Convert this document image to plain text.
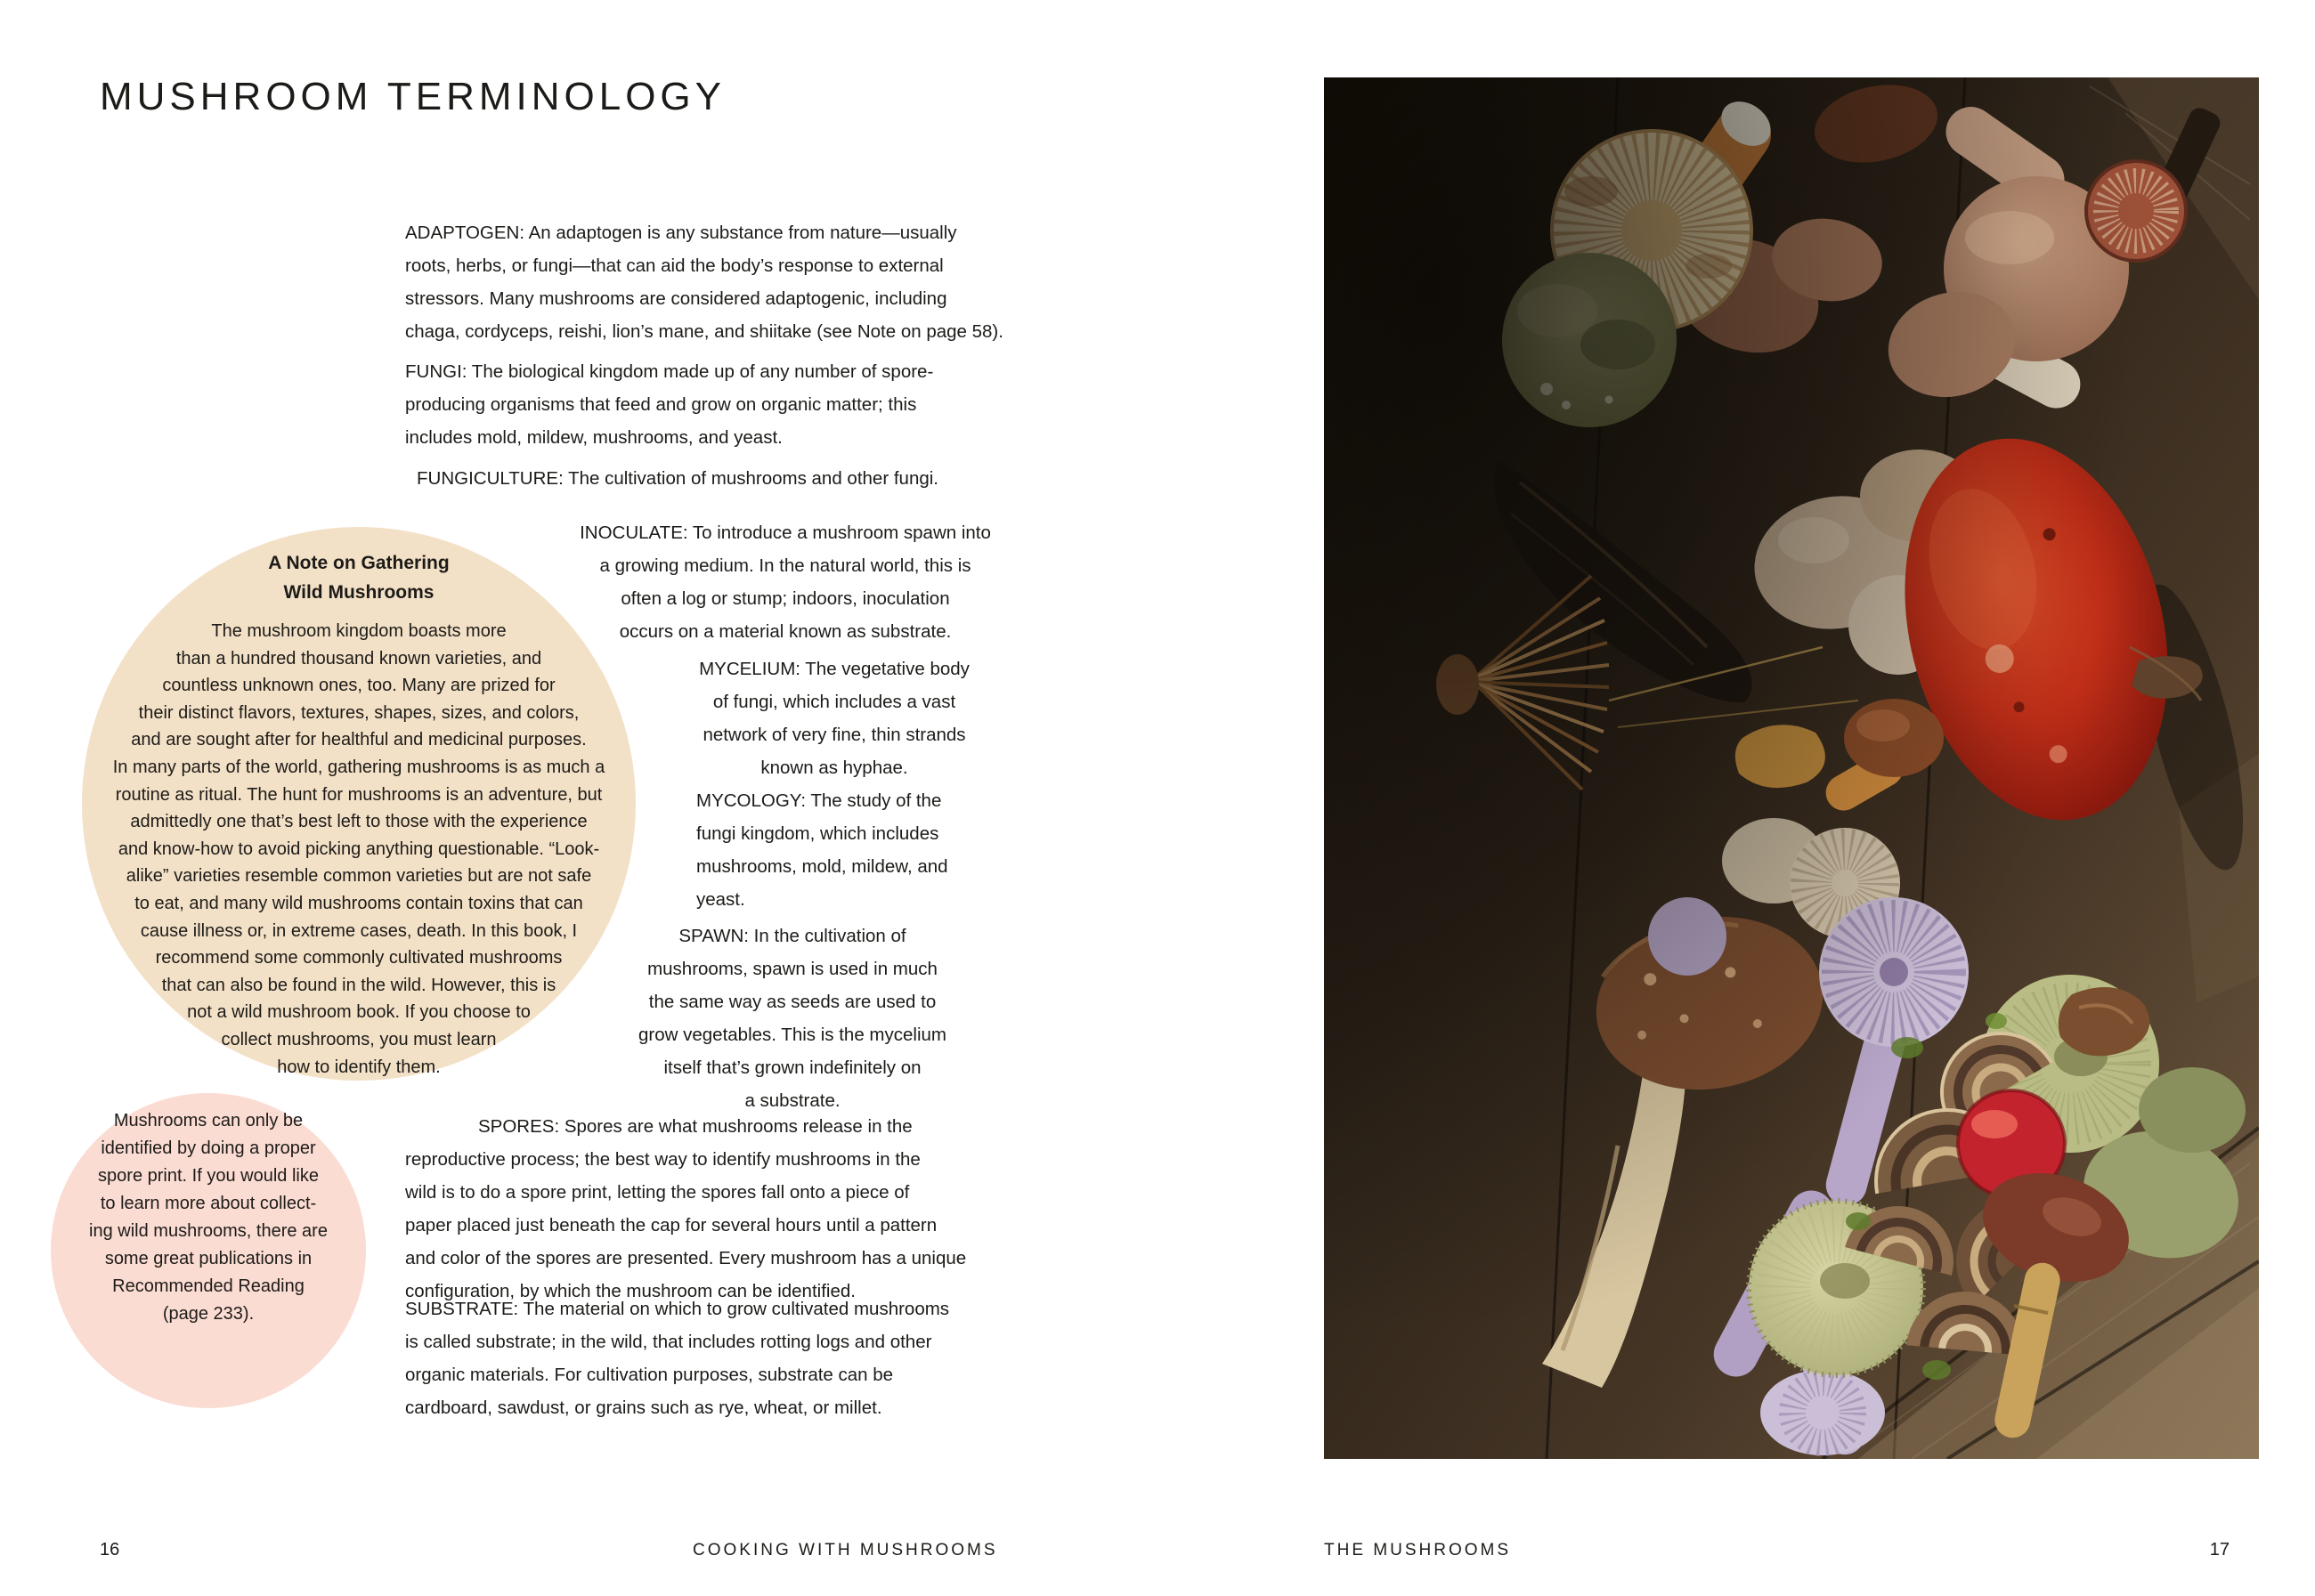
MUSHROOM TERMINOLOGY
ADAPTOGEN: An adaptogen is any substance from nature—usually
roots, herbs, or fungi—that can aid the body’s response to external
stressors. Many mushrooms are considered adaptogenic, including
chaga, cordyceps, reishi, lion’s mane, and shiitake (see Note on page 58).
FUNGI: The biological kingdom made up of any number of spore-
producing organisms that feed and grow on organic matter; this
includes mold, mildew, mushrooms, and yeast.
FUNGICULTURE: The cultivation of mushrooms and other fungi.
INOCULATE: To introduce a mushroom spawn into
a growing medium. In the natural world, this is
often a log or stump; indoors, inoculation
occurs on a material known as substrate.
MYCELIUM: The vegetative body
of fungi, which includes a vast
network of very fine, thin strands
known as hyphae.
MYCOLOGY: The study of the
fungi kingdom, which includes
mushrooms, mold, mildew, and
yeast.
SPAWN: In the cultivation of
mushrooms, spawn is used in much
the same way as seeds are used to
grow vegetables. This is the mycelium
itself that’s grown indefinitely on
a substrate.
SPORES: Spores are what mushrooms release in the
reproductive process; the best way to identify mushrooms in the
wild is to do a spore print, letting the spores fall onto a piece of
paper placed just beneath the cap for several hours until a pattern
and color of the spores are presented. Every mushroom has a unique
configuration, by which the mushroom can be identified.
SUBSTRATE: The material on which to grow cultivated mushrooms
is called substrate; in the wild, that includes rotting logs and other
organic materials. For cultivation purposes, substrate can be
cardboard, sawdust, or grains such as rye, wheat, or millet.
A Note on Gathering
Wild Mushrooms
The mushroom kingdom boasts more
than a hundred thousand known varieties, and
countless unknown ones, too. Many are prized for
their distinct flavors, textures, shapes, sizes, and colors,
and are sought after for healthful and medicinal purposes.
In many parts of the world, gathering mushrooms is as much a
routine as ritual. The hunt for mushrooms is an adventure, but
admittedly one that’s best left to those with the experience
and know-how to avoid picking anything questionable. “Look-
alike” varieties resemble common varieties but are not safe
to eat, and many wild mushrooms contain toxins that can
cause illness or, in extreme cases, death. In this book, I
recommend some commonly cultivated mushrooms
that can also be found in the wild. However, this is
not a wild mushroom book. If you choose to
collect mushrooms, you must learn
how to identify them.
Mushrooms can only be
identified by doing a proper
spore print. If you would like
to learn more about collect-
ing wild mushrooms, there are
some great publications in
Recommended Reading
(page 233).
16	COOKING WITH MUSHROOMS	THE MUSHROOMS	17
